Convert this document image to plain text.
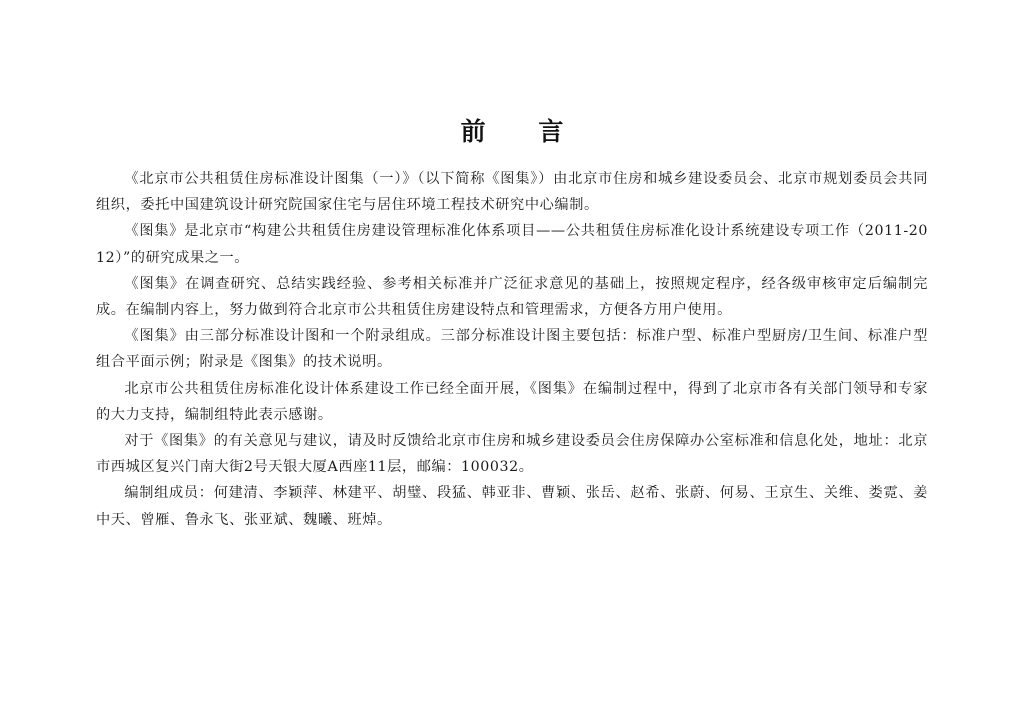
前 言

《北京市公共租赁住房标准设计图集（一）》（以下简称《图集》）由北京市住房和城乡建设委员会、北京市规划委员会共同组织，委托中国建筑设计研究院国家住宅与居住环境工程技术研究中心编制。

《图集》是北京市“构建公共租赁住房建设管理标准化体系项目——公共租赁住房标准化设计系统建设专项工作（2011-2012）”的研究成果之一。

《图集》在调查研究、总结实践经验、参考相关标准并广泛征求意见的基础上，按照规定程序，经各级审核审定后编制完成。在编制内容上，努力做到符合北京市公共租赁住房建设特点和管理需求，方便各方用户使用。

《图集》由三部分标准设计图和一个附录组成。三部分标准设计图主要包括：标准户型、标准户型厨房/卫生间、标准户型组合平面示例；附录是《图集》的技术说明。

北京市公共租赁住房标准化设计体系建设工作已经全面开展，《图集》在编制过程中，得到了北京市各有关部门领导和专家的大力支持，编制组特此表示感谢。

对于《图集》的有关意见与建议，请及时反馈给北京市住房和城乡建设委员会住房保障办公室标准和信息化处，地址：北京市西城区复兴门南大街2号天银大厦A西座11层，邮编：100032。

编制组成员：何建清、李颖萍、林建平、胡璧、段猛、韩亚非、曹颖、张岳、赵希、张蔚、何易、王京生、关维、娄霓、姜中天、曾雁、鲁永飞、张亚斌、魏曦、班焯。
